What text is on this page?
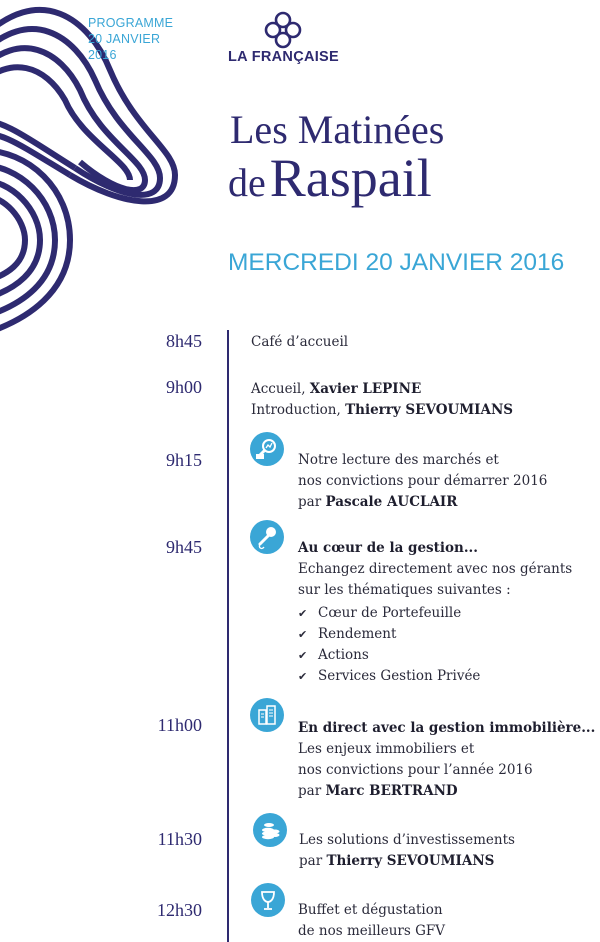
PROGRAMME
20 JANVIER
2016	LA FRANÇAISE
Les Matinées
de Raspail
MERCREDI 20 JANVIER 2016
8h45	Café d’accueil
9h00	Accueil, Xavier LEPINE
Introduction, Thierry SEVOUMIANS
9h15	Notre lecture des marchés et
nos convictions pour démarrer 2016
par Pascale AUCLAIR
9h45	Au cœur de la gestion...
Echangez directement avec nos gérants
sur les thématiques suivantes :
✔ Cœur de Portefeuille
✔ Rendement
✔ Actions
✔ Services Gestion Privée
11h00	En direct avec la gestion immobilière...
Les enjeux immobiliers et
nos convictions pour l’année 2016
par Marc BERTRAND
11h30	Les solutions d’investissements
par Thierry SEVOUMIANS
12h30	Buffet et dégustation
de nos meilleurs GFV
